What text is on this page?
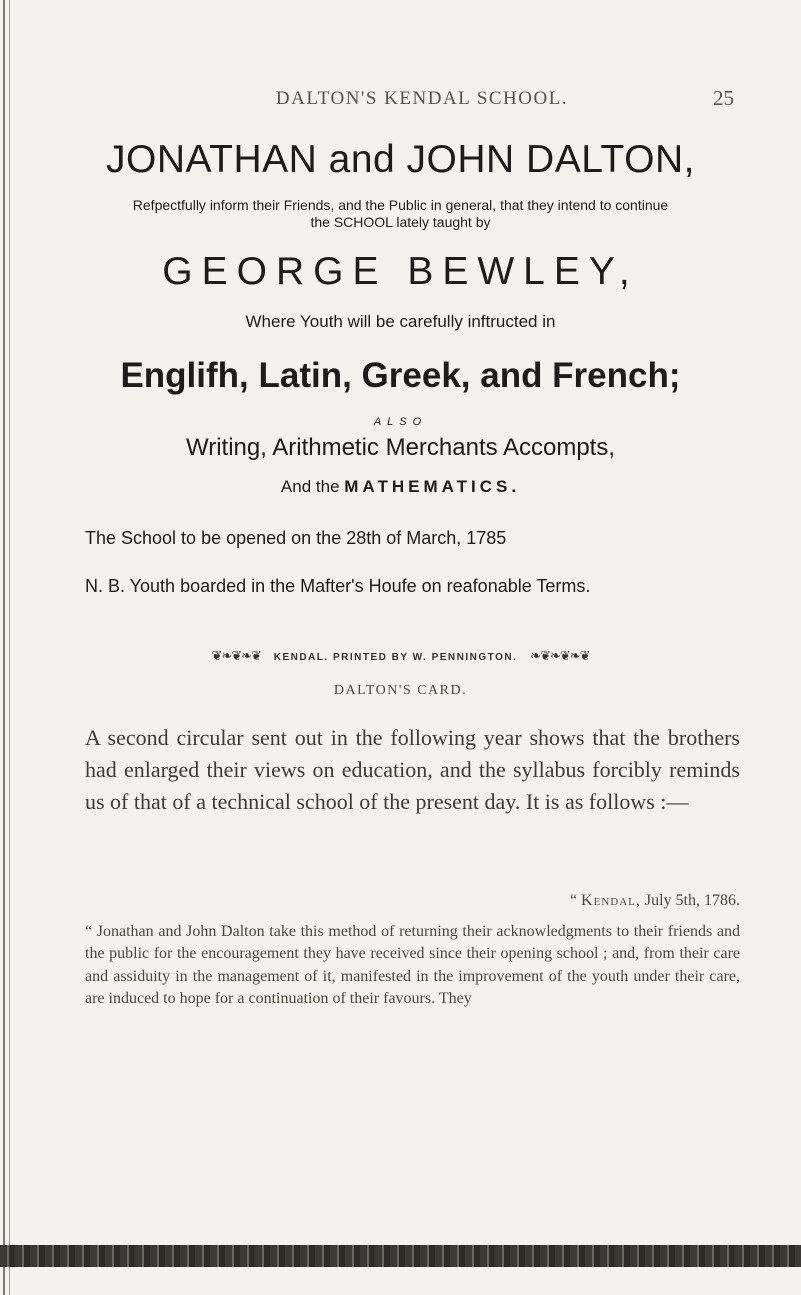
DALTON'S KENDAL SCHOOL.	25
JONATHAN and JOHN DALTON,
Refpectfully inform their Friends, and the Public in general, that they intend to continue
the SCHOOL lately taught by
GEORGE BEWLEY,
Where Youth will be carefully inftructed in
Englifh, Latin, Greek, and French;
ALSO
Writing, Arithmetic Merchants Accompts,
And the MATHEMATICS.
The School to be opened on the 28th of March, 1785
N. B. Youth boarded in the Mafter's Houfe on reafonable Terms.
❦❧❦❧❦ KENDAL. PRINTED BY W. PENNINGTON. ❧❦❧❦❧❦
DALTON'S CARD.
A second circular sent out in the following year shows that the brothers had enlarged their views on education, and the syllabus forcibly reminds us of that of a technical school of the present day. It is as follows :—
“ Kendal, July 5th, 1786.

“ Jonathan and John Dalton take this method of returning their acknowledgments to their friends and the public for the encouragement they have received since their opening school ; and, from their care and assiduity in the management of it, manifested in the improvement of the youth under their care, are induced to hope for a continuation of their favours. They
